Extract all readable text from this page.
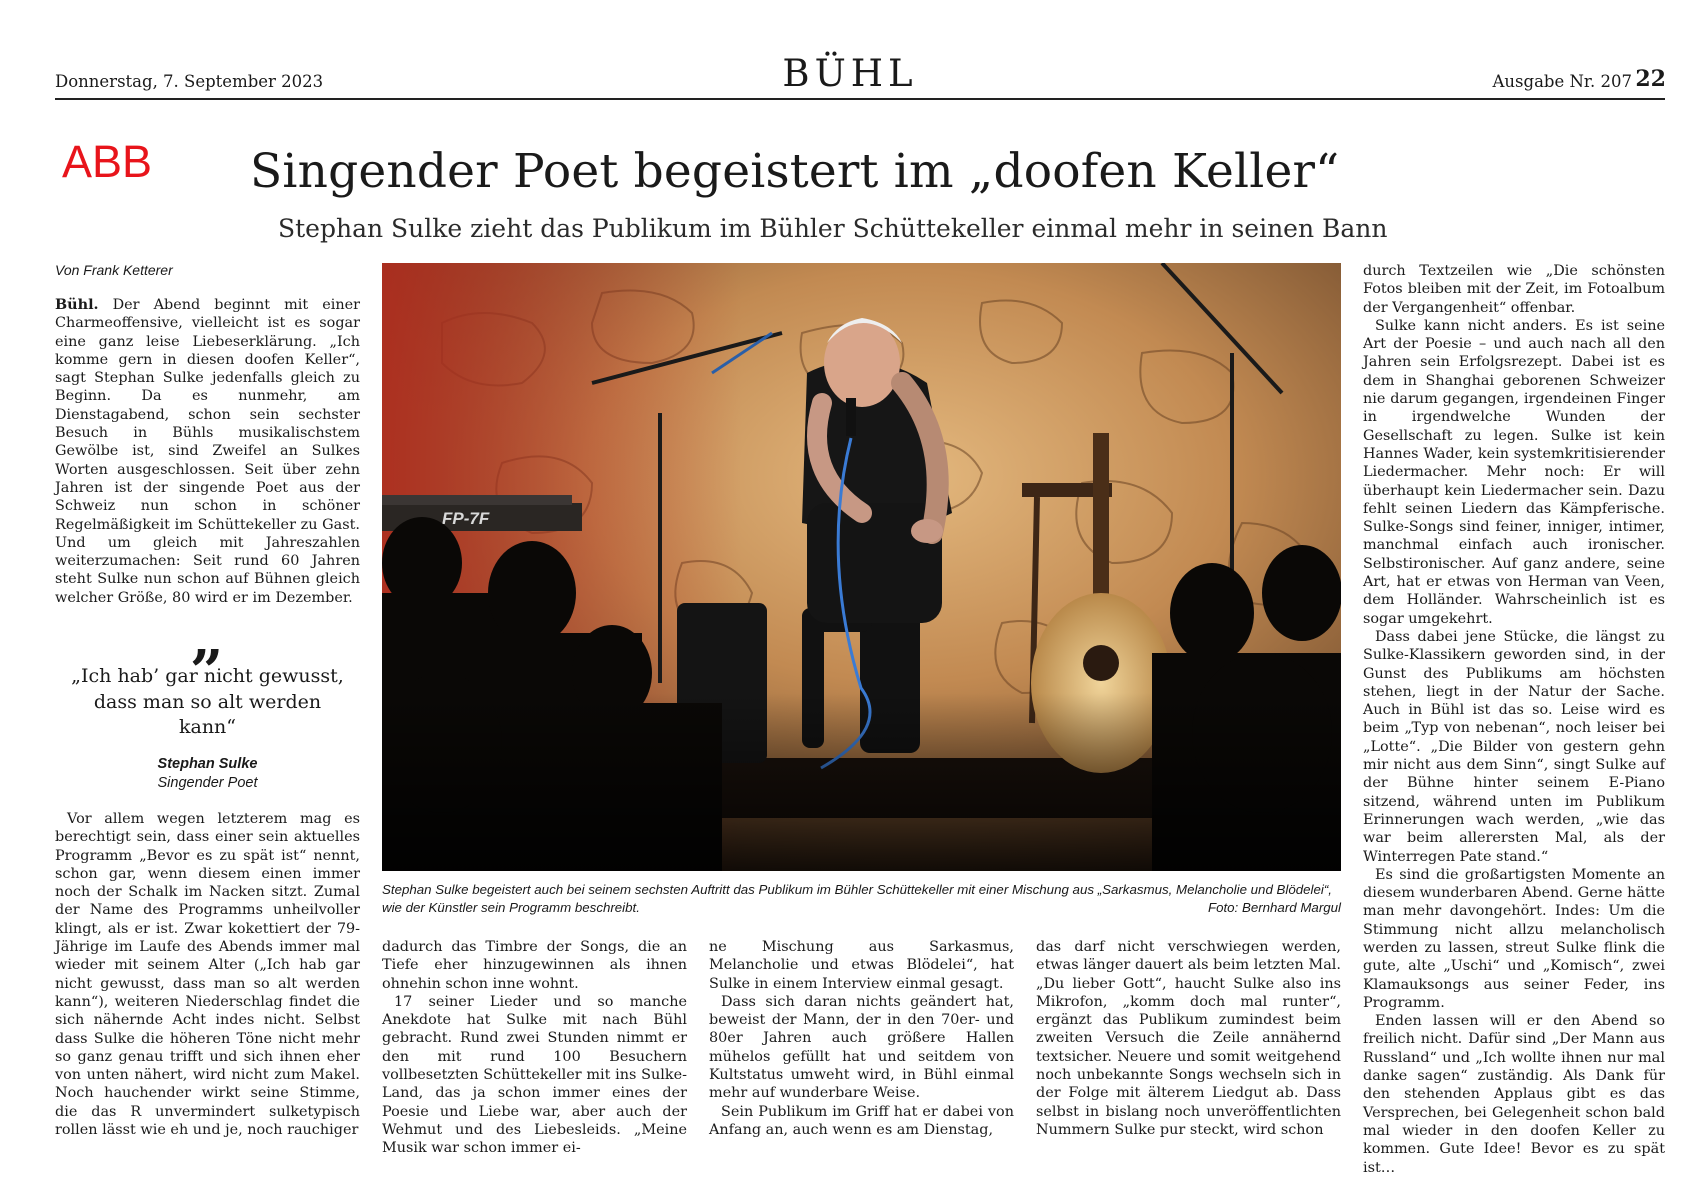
Donnerstag, 7. September 2023	BÜHL	Ausgabe Nr. 207 22
ABB Singender Poet begeistert im „doofen Keller“
Stephan Sulke zieht das Publikum im Bühler Schüttekeller einmal mehr in seinen Bann
Von Frank Ketterer

Bühl. Der Abend beginnt mit einer Charmeoffensive, vielleicht ist es sogar eine ganz leise Liebeserklärung. „Ich komme gern in diesen doofen Keller“, sagt Stephan Sulke jedenfalls gleich zu Beginn. Da es nunmehr, am Dienstagabend, schon sein sechster Besuch in Bühls musikalischstem Gewölbe ist, sind Zweifel an Sulkes Worten ausgeschlossen. Seit über zehn Jahren ist der singende Poet aus der Schweiz nun schon in schöner Regelmäßigkeit im Schüttekeller zu Gast. Und um gleich mit Jahreszahlen weiterzumachen: Seit rund 60 Jahren steht Sulke nun schon auf Bühnen gleich welcher Größe, 80 wird er im Dezember.

„
„Ich hab’ gar nicht gewusst, dass man so alt werden kann“
Stephan Sulke
Singender Poet

Vor allem wegen letzterem mag es berechtigt sein, dass einer sein aktuelles Programm „Bevor es zu spät ist“ nennt, schon gar, wenn diesem einen immer noch der Schalk im Nacken sitzt. Zumal der Name des Programms unheilvoller klingt, als er ist. Zwar kokettiert der 79-Jährige im Laufe des Abends immer mal wieder mit seinem Alter („Ich hab gar nicht gewusst, dass man so alt werden kann“), weiteren Niederschlag findet die sich nähernde Acht indes nicht. Selbst dass Sulke die höheren Töne nicht mehr so ganz genau trifft und sich ihnen eher von unten nähert, wird nicht zum Makel. Noch hauchender wirkt seine Stimme, die das R unvermindert sulketypisch rollen lässt wie eh und je, noch rauchiger

FP-7F
Stephan Sulke begeistert auch bei seinem sechsten Auftritt das Publikum im Bühler Schüttekeller mit einer Mischung aus „Sarkasmus, Melancholie und Blödelei“, wie der Künstler sein Programm beschreibt.	Foto: Bernhard Margul

dadurch das Timbre der Songs, die an Tiefe eher hinzugewinnen als ihnen ohnehin schon inne wohnt.

17 seiner Lieder und so manche Anekdote hat Sulke mit nach Bühl gebracht. Rund zwei Stunden nimmt er den mit rund 100 Besuchern vollbesetzten Schüttekeller mit ins Sulke-Land, das ja schon immer eines der Poesie und Liebe war, aber auch der Wehmut und des Liebesleids. „Meine Musik war schon immer ei-

ne Mischung aus Sarkasmus, Melancholie und etwas Blödelei“, hat Sulke in einem Interview einmal gesagt.

Dass sich daran nichts geändert hat, beweist der Mann, der in den 70er- und 80er Jahren auch größere Hallen mühelos gefüllt hat und seitdem von Kultstatus umweht wird, in Bühl einmal mehr auf wunderbare Weise.

Sein Publikum im Griff hat er dabei von Anfang an, auch wenn es am Dienstag,

das darf nicht verschwiegen werden, etwas länger dauert als beim letzten Mal. „Du lieber Gott“, haucht Sulke also ins Mikrofon, „komm doch mal runter“, ergänzt das Publikum zumindest beim zweiten Versuch die Zeile annähernd textsicher. Neuere und somit weitgehend noch unbekannte Songs wechseln sich in der Folge mit älterem Liedgut ab. Dass selbst in bislang noch unveröffentlichten Nummern Sulke pur steckt, wird schon

durch Textzeilen wie „Die schönsten Fotos bleiben mit der Zeit, im Fotoalbum der Vergangenheit“ offenbar.

Sulke kann nicht anders. Es ist seine Art der Poesie – und auch nach all den Jahren sein Erfolgsrezept. Dabei ist es dem in Shanghai geborenen Schweizer nie darum gegangen, irgendeinen Finger in irgendwelche Wunden der Gesellschaft zu legen. Sulke ist kein Hannes Wader, kein systemkritisierender Liedermacher. Mehr noch: Er will überhaupt kein Liedermacher sein. Dazu fehlt seinen Liedern das Kämpferische. Sulke-Songs sind feiner, inniger, intimer, manchmal einfach auch ironischer. Selbstironischer. Auf ganz andere, seine Art, hat er etwas von Herman van Veen, dem Holländer. Wahrscheinlich ist es sogar umgekehrt.

Dass dabei jene Stücke, die längst zu Sulke-Klassikern geworden sind, in der Gunst des Publikums am höchsten stehen, liegt in der Natur der Sache. Auch in Bühl ist das so. Leise wird es beim „Typ von nebenan“, noch leiser bei „Lotte“. „Die Bilder von gestern gehn mir nicht aus dem Sinn“, singt Sulke auf der Bühne hinter seinem E-Piano sitzend, während unten im Publikum Erinnerungen wach werden, „wie das war beim allerersten Mal, als der Winterregen Pate stand.“

Es sind die großartigsten Momente an diesem wunderbaren Abend. Gerne hätte man mehr davongehört. Indes: Um die Stimmung nicht allzu melancholisch werden zu lassen, streut Sulke flink die gute, alte „Uschi“ und „Komisch“, zwei Klamauksongs aus seiner Feder, ins Programm.

Enden lassen will er den Abend so freilich nicht. Dafür sind „Der Mann aus Russland“ und „Ich wollte ihnen nur mal danke sagen“ zuständig. Als Dank für den stehenden Applaus gibt es das Versprechen, bei Gelegenheit schon bald mal wieder in den doofen Keller zu kommen. Gute Idee! Bevor es zu spät ist…
